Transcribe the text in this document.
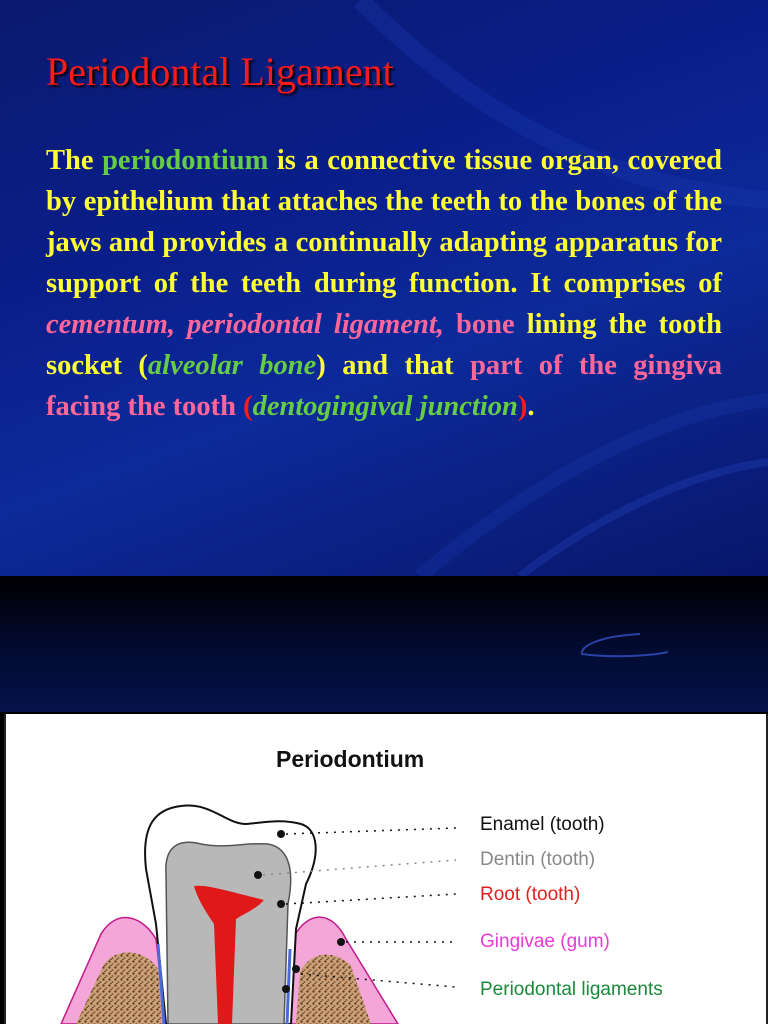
Periodontal Ligament

The periodontium is a connective tissue organ, covered by epithelium that attaches the teeth to the bones of the jaws and provides a continually adapting apparatus for support of the teeth during function. It comprises of cementum, periodontal ligament, bone lining the tooth socket (alveolar bone) and that part of the gingiva facing the tooth (dentogingival junction).

Periodontium

Enamel (tooth)

Dentin (tooth)

Root (tooth)

Gingivae (gum)

Periodontal ligaments
